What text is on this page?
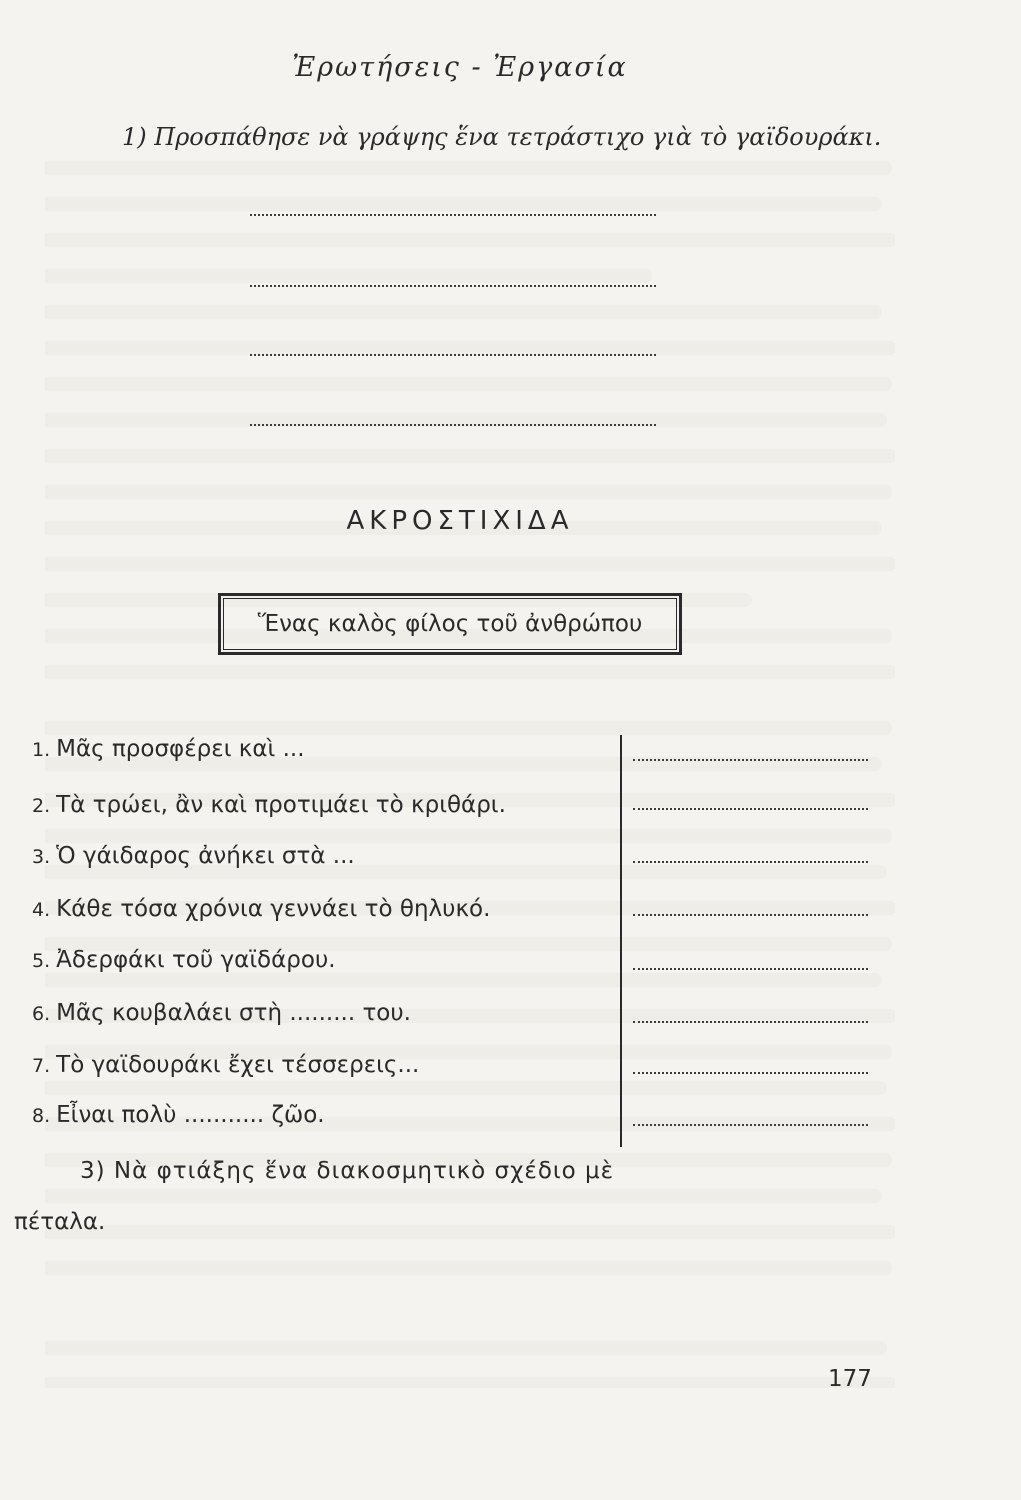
Ἐρωτήσεις - Ἐργασία
1) Προσπάθησε νὰ γράψης ἕνα τετράστιχο γιὰ τὸ γαϊδουράκι.
ΑΚΡΟΣΤΙΧΙΔΑ
Ἕνας καλὸς φίλος τοῦ ἀνθρώπου
1. Μᾶς προσφέρει καὶ ...
2. Τὰ τρώει, ἂν καὶ προτιμάει τὸ κριθάρι.
3. Ὁ γάιδαρος ἀνήκει στὰ ...
4. Κάθε τόσα χρόνια γεννάει τὸ θηλυκό.
5. Ἀδερφάκι τοῦ γαϊδάρου.
6. Μᾶς κουβαλάει στὴ ......... του.
7. Τὸ γαϊδουράκι ἔχει τέσσερεις...
8. Εἶναι πολὺ ........... ζῶο.
3) Νὰ φτιάξης ἕνα διακοσμητικὸ σχέδιο μὲ
πέταλα.
177
